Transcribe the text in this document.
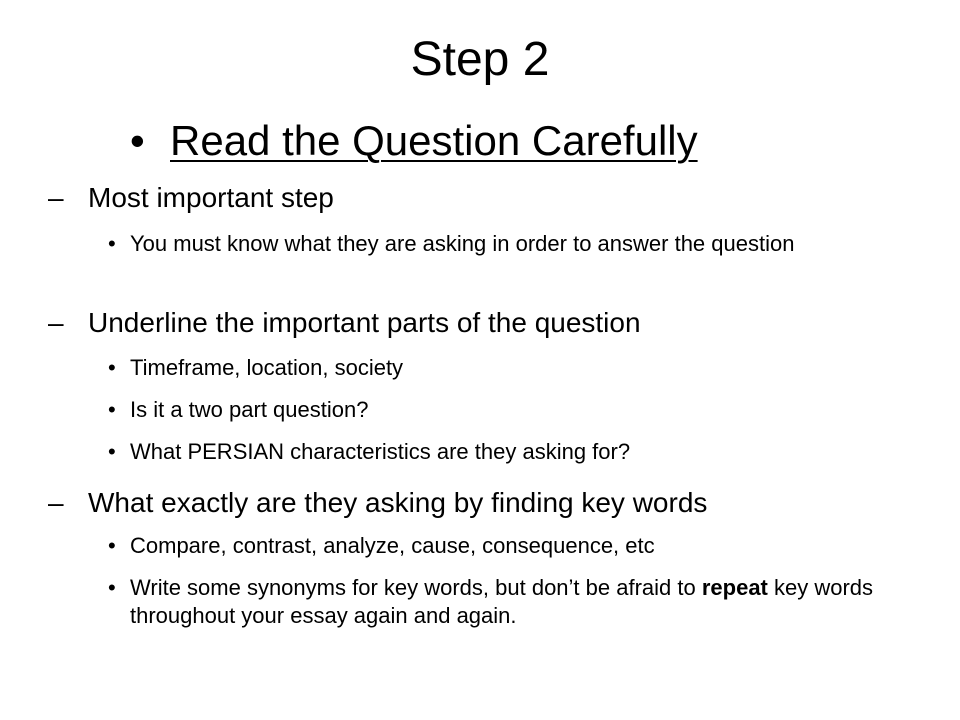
Step 2
• Read the Question Carefully
– Most important step
• You must know what they are asking in order to answer the question
– Underline the important parts of the question
• Timeframe, location, society
• Is it a two part question?
• What PERSIAN characteristics are they asking for?
– What exactly are they asking by finding key words
• Compare, contrast, analyze, cause, consequence, etc
• Write some synonyms for key words, but don’t be afraid to repeat key words throughout your essay again and again.
